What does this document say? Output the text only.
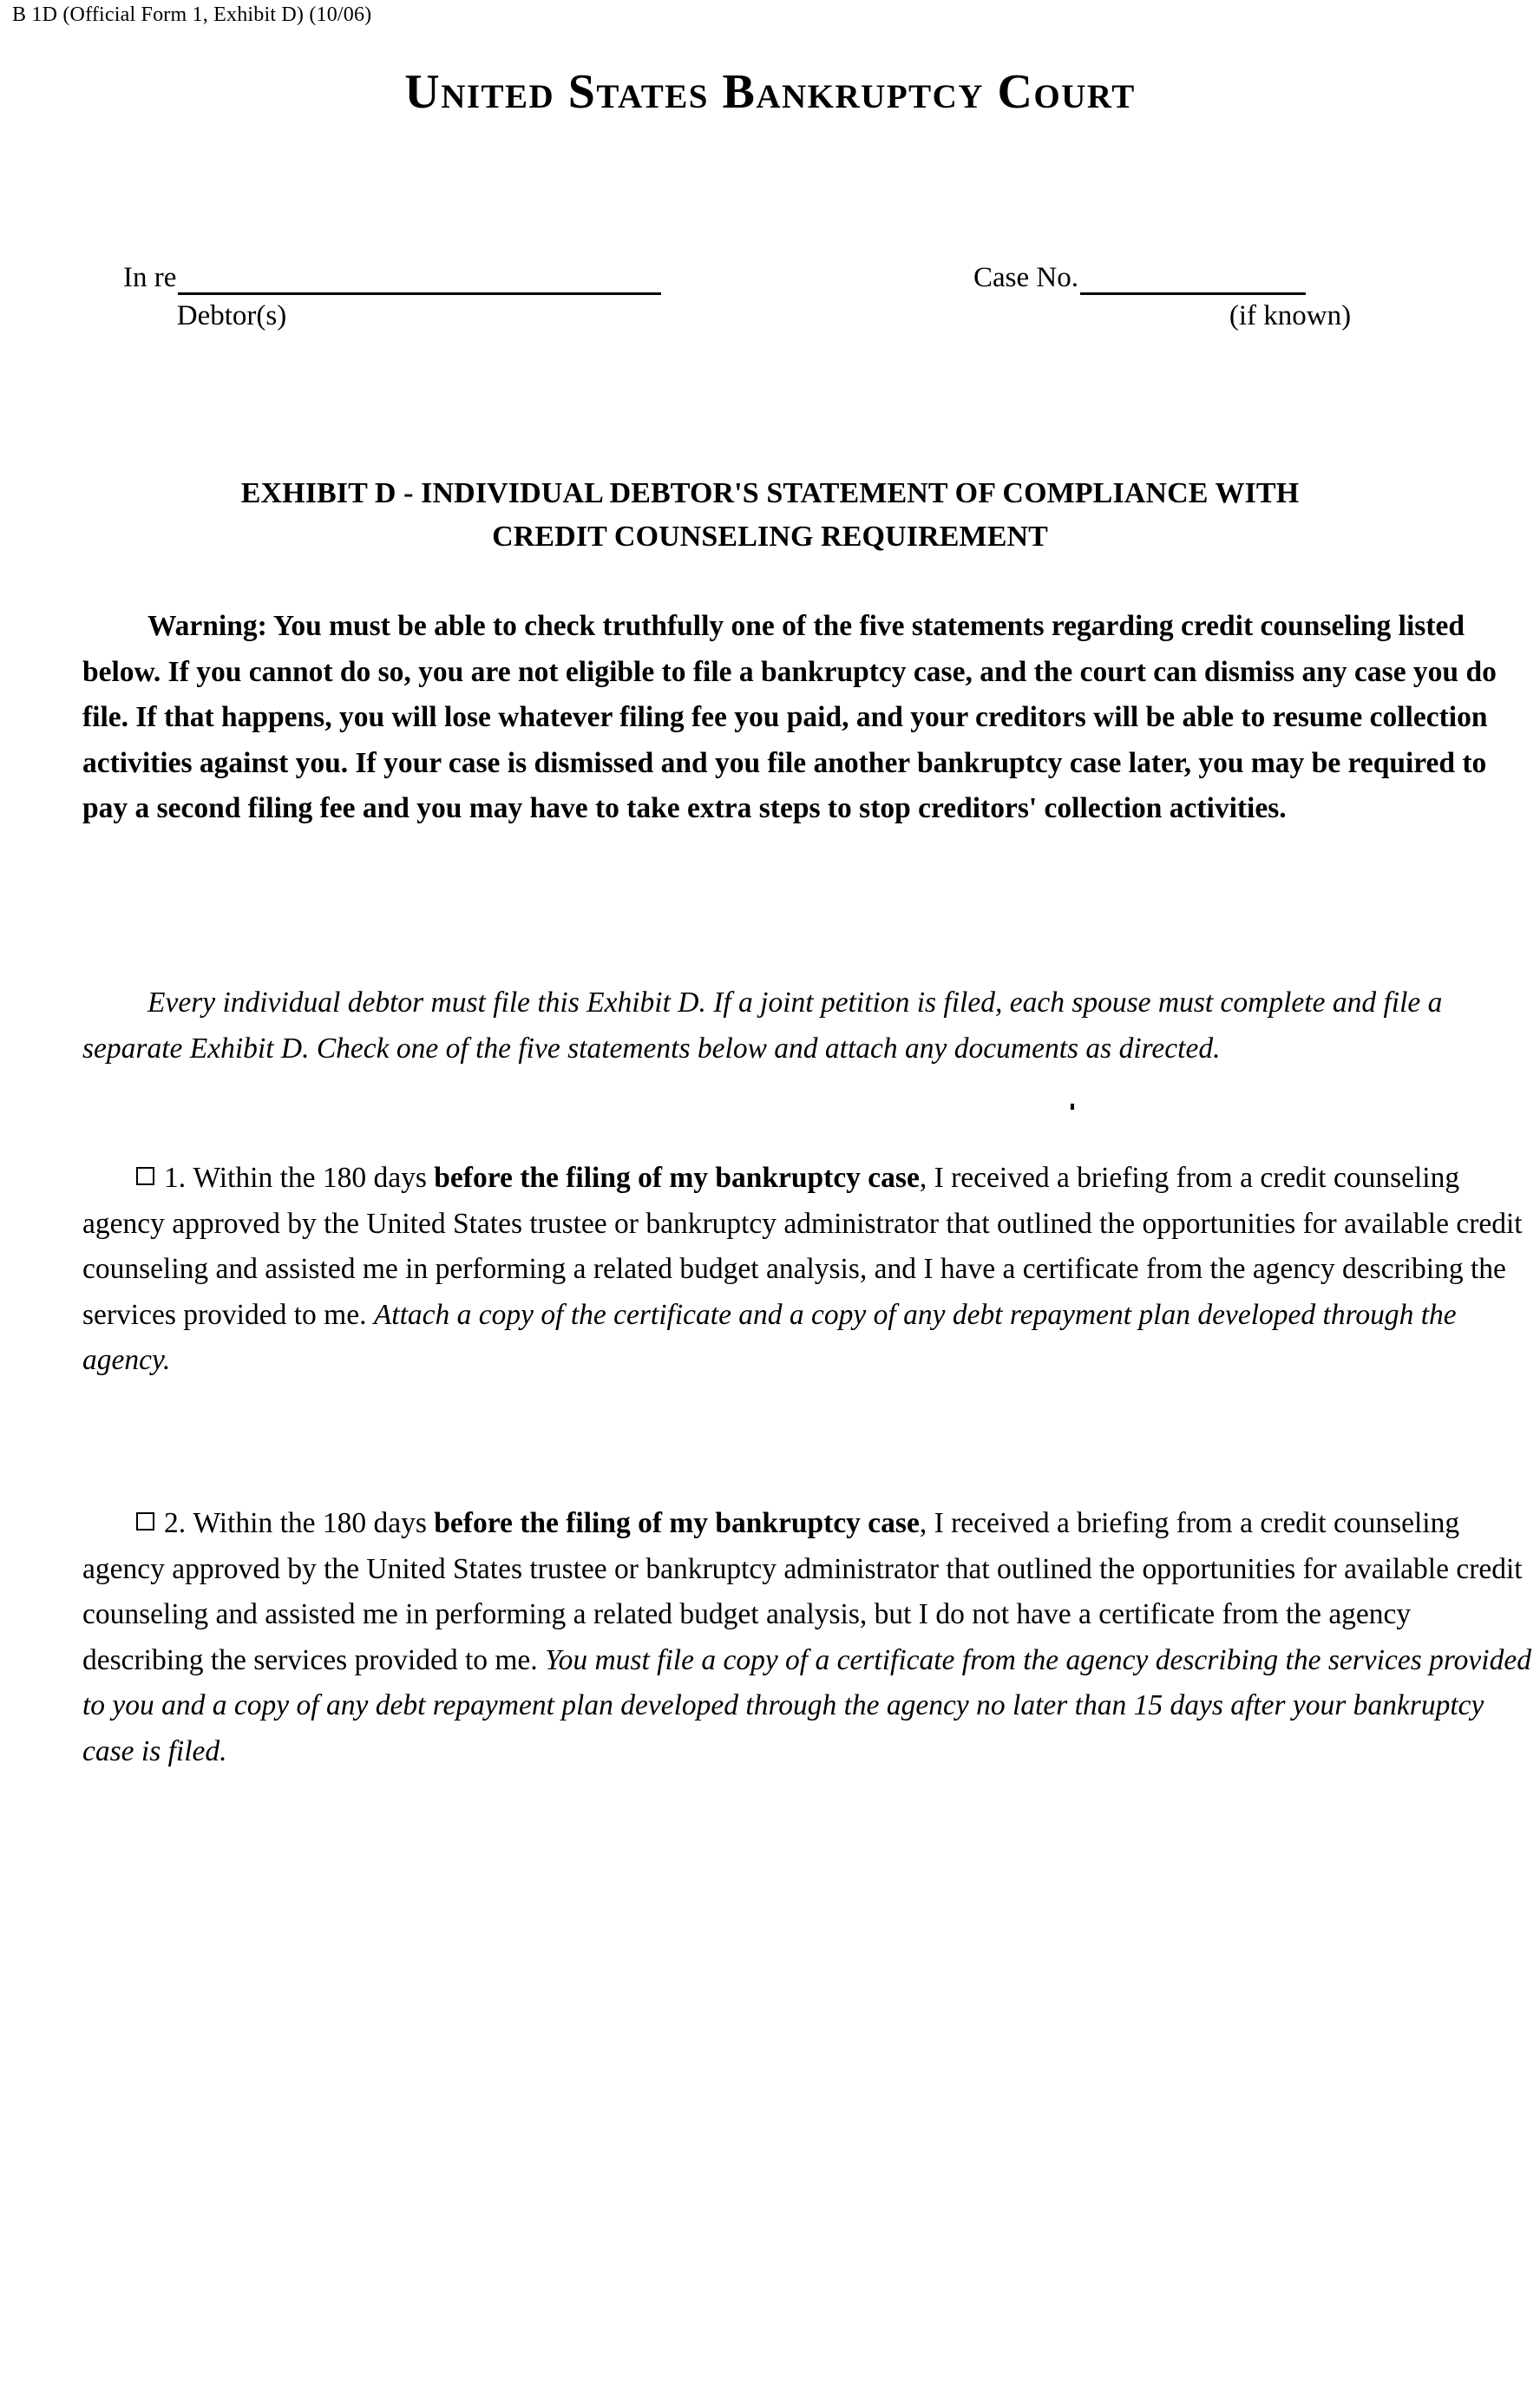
B 1D (Official Form 1, Exhibit D) (10/06)
United States Bankruptcy Court
In re
Debtor(s)
Case No.
(if known)
EXHIBIT D - INDIVIDUAL DEBTOR'S STATEMENT OF COMPLIANCE WITH
CREDIT COUNSELING REQUIREMENT
Warning: You must be able to check truthfully one of the five statements regarding credit counseling listed below. If you cannot do so, you are not eligible to file a bankruptcy case, and the court can dismiss any case you do file. If that happens, you will lose whatever filing fee you paid, and your creditors will be able to resume collection activities against you. If your case is dismissed and you file another bankruptcy case later, you may be required to pay a second filing fee and you may have to take extra steps to stop creditors' collection activities.
Every individual debtor must file this Exhibit D. If a joint petition is filed, each spouse must complete and file a separate Exhibit D. Check one of the five statements below and attach any documents as directed.
1. Within the 180 days before the filing of my bankruptcy case, I received a briefing from a credit counseling agency approved by the United States trustee or bankruptcy administrator that outlined the opportunities for available credit counseling and assisted me in performing a related budget analysis, and I have a certificate from the agency describing the services provided to me. Attach a copy of the certificate and a copy of any debt repayment plan developed through the agency.
2. Within the 180 days before the filing of my bankruptcy case, I received a briefing from a credit counseling agency approved by the United States trustee or bankruptcy administrator that outlined the opportunities for available credit counseling and assisted me in performing a related budget analysis, but I do not have a certificate from the agency describing the services provided to me. You must file a copy of a certificate from the agency describing the services provided to you and a copy of any debt repayment plan developed through the agency no later than 15 days after your bankruptcy case is filed.
